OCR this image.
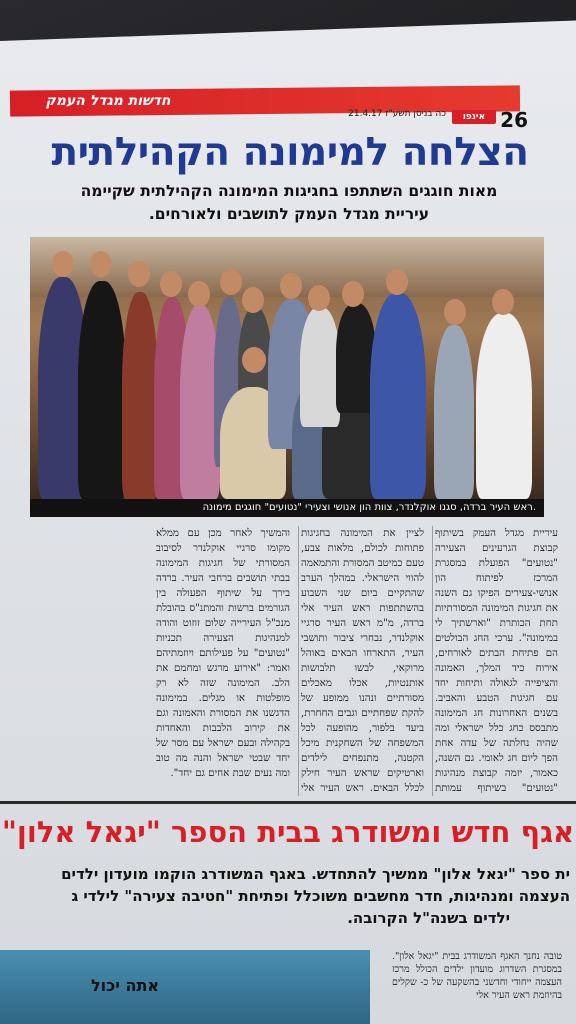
חדשות מגדל העמק
אינפו
כה בניסן תשע"ז 21.4.17	26
הצלחה למימונה הקהילתית
מאות חוגגים השתתפו בחגיגות המימונה הקהילתית שקיימה
עיריית מגדל העמק לתושבים ולאורחים.
ראש העיר ברדה, סגנו אוקלנדר, צוות הון אנושי וצעירי "נטועים" חוגגים מימונה.
עיריית מגדל העמק בשיתוף קבוצת הגרעינים הצעירה "נטועים" הפועלת במסגרת המרכז לפיתוח הון אנושי-צעירים הפיקו גם השנה את חגיגות המימונה המסורתיות תחת הכותרת "וארשתיך לי במימונה". ערכי החג הבולטים הם פתיחת הבתים לאורחים, אירוח כיד המלך, האמונה והציפייה לגאולה ותיחות יחד עם חגיגות הטבע והאביב. בשנים האחרונות חג המימונה מתבסס כחג כלל ישראלי ומה שהיה נחלתה של עדה אחת הפך ליום חג לאומי. גם השנה, כאמור, יזמה קבוצת מנהיגות "נטועים" בשיתוף עמותת
לציין את המימונה בחגיגות פתוחות לכולם, מלאות צבע, טעם כמיטב המסורת והתמאמה להווי הישראלי. במהלך הערב שהתקיים ביום שני השבוע בהשתתפות ראש העיר אלי ברדה, מ"מ ראש העיר סרגיי אוקלנדר, נבחרי ציבור ותושבי העיר, התארחו הבאים באוהל מרוקאי, לבשו תלבושות אותנטיות, אכלו מאכלים מסורתיים ונהנו ממופע של להקת שפחתיים וגבים החחרת, ביעד בלפור, מהופעה לכל המשפחה של השחקנית מיכל הקטנה, מתנפחים לילדים וארטיקים שראש העיר חילק לכלל הבאים. ראש העיר אלי
והמשיך לאחר מכן עם ממלא מקומו סרגיי אוקלנדר לסיבוב המסורתי של חגיגות המימונה בבתי תושבים ברחבי העיר. ברדה בירך על שיתוף הפעולה בין הגורמים ברשות והמתנ"ס בהובלת מנכ"ל העירייה שלום זוזוט והודה למנהיגות הצעירה תכניות "נטועים" על פעילותם ויוזמתיהם ואמר: "אירוע מרגש ומחמם את הלב. המימונה שזה לא רק מופלטות או מגלים. במימונה הדגשנו את המסורת והאמונה וגם את קירוב הלבבות והאחדות בקהילה ובעם ישראל עם מסר של יחד שבטי ישראל והנה מה טוב ומה נעים שבת אחים גם יחד".
אגף חדש ומשודרג בבית הספר "יגאל אלון"
ית ספר "יגאל אלון" ממשיך להתחדש. באגף המשודרג הוקמו מועדון ילדים
העצמה ומנהיגות, חדר מחשבים משוכלל ופתיחת "חטיבה צעירה" לילדי ג
ילדים בשנה"ל הקרובה.
אתה יכול
טובה נחנך האגף המשודרג בבית "יגאל אלון". במסגרת השדרוג מועדון ילדים הכולל מרכז העצמה ייחודי וחדשני בהשקעה של כ- שקלים בהיוזמת ראש העיר אלי
